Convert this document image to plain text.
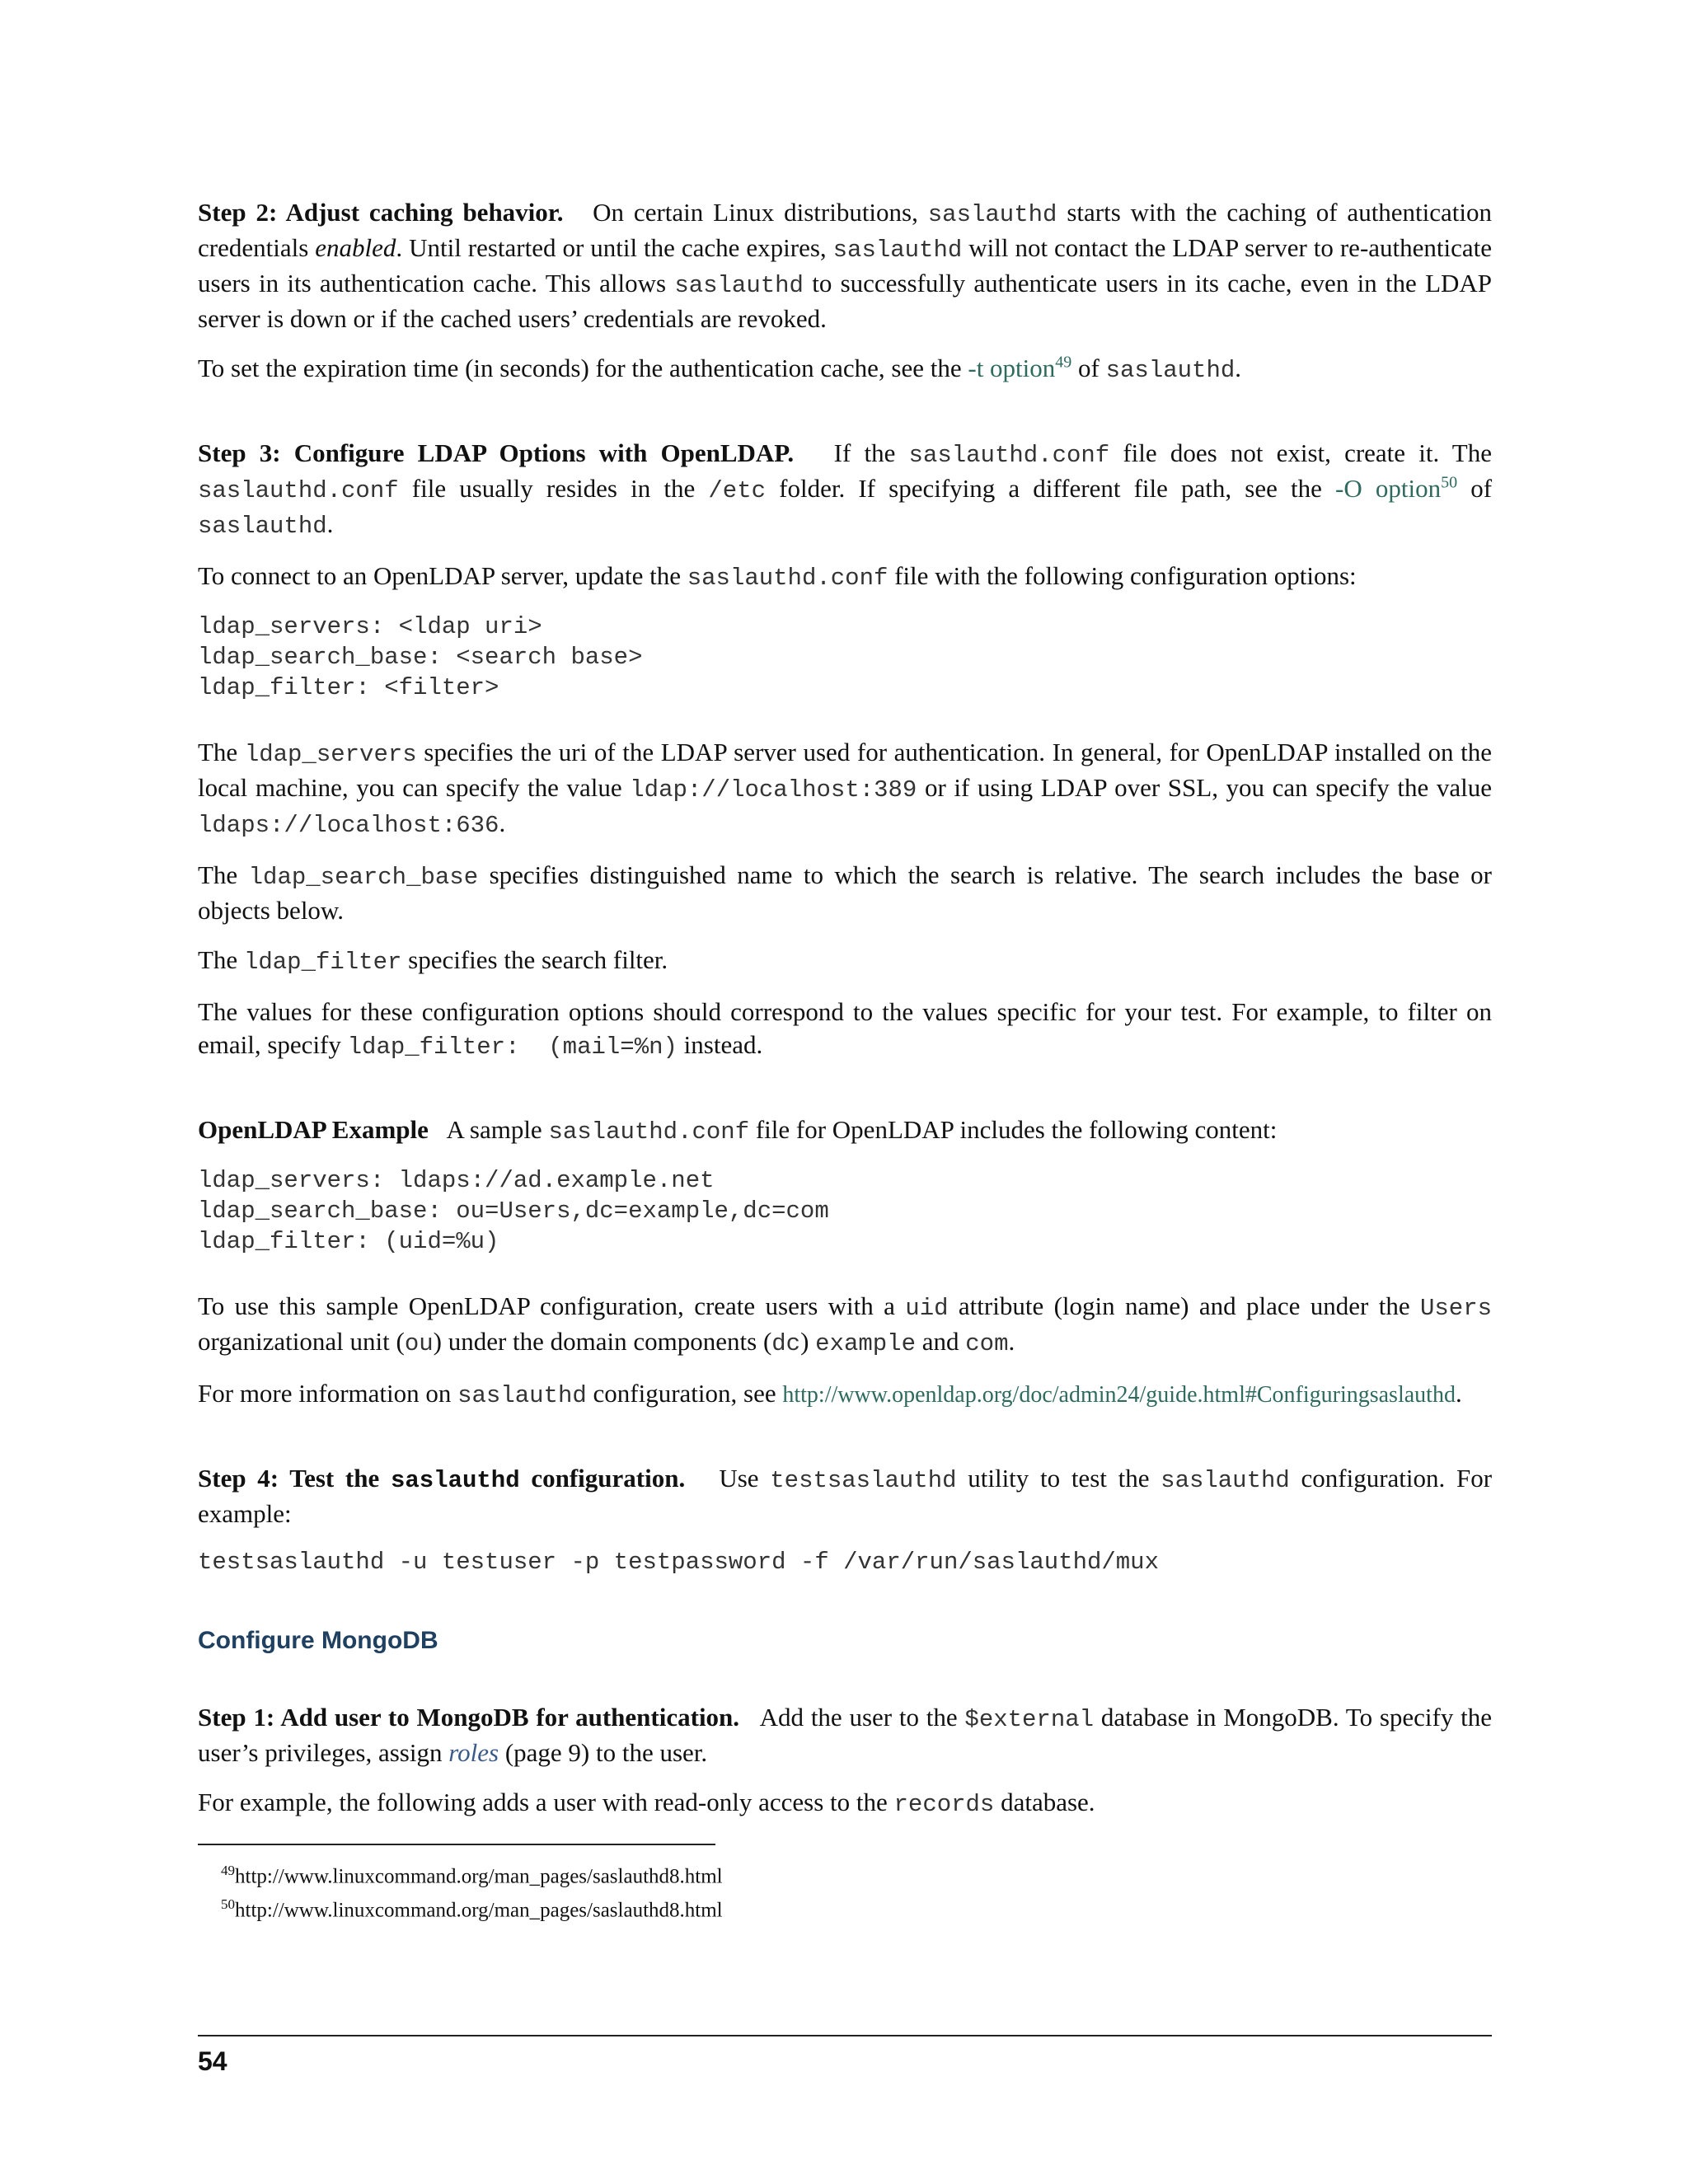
Step 2: Adjust caching behavior. On certain Linux distributions, saslauthd starts with the caching of authentication credentials enabled. Until restarted or until the cache expires, saslauthd will not contact the LDAP server to re-authenticate users in its authentication cache. This allows saslauthd to successfully authenticate users in its cache, even in the LDAP server is down or if the cached users’ credentials are revoked.

To set the expiration time (in seconds) for the authentication cache, see the -t option$^{49}$ of saslauthd.

Step 3: Configure LDAP Options with OpenLDAP. If the saslauthd.conf file does not exist, create it. The saslauthd.conf file usually resides in the /etc folder. If specifying a different file path, see the -O option$^{50}$ of saslauthd.

To connect to an OpenLDAP server, update the saslauthd.conf file with the following configuration options:

ldap_servers: <ldap uri>
ldap_search_base: <search base>
ldap_filter: <filter>

The ldap_servers specifies the uri of the LDAP server used for authentication. In general, for OpenLDAP installed on the local machine, you can specify the value ldap://localhost:389 or if using LDAP over SSL, you can specify the value ldaps://localhost:636.

The ldap_search_base specifies distinguished name to which the search is relative. The search includes the base or objects below.

The ldap_filter specifies the search filter.

The values for these configuration options should correspond to the values specific for your test. For example, to filter on email, specify ldap_filter:  (mail=%n) instead.

OpenLDAP Example A sample saslauthd.conf file for OpenLDAP includes the following content:

ldap_servers: ldaps://ad.example.net
ldap_search_base: ou=Users,dc=example,dc=com
ldap_filter: (uid=%u)

To use this sample OpenLDAP configuration, create users with a uid attribute (login name) and place under the Users organizational unit (ou) under the domain components (dc) example and com.

For more information on saslauthd configuration, see http://www.openldap.org/doc/admin24/guide.html#Configuringsaslauthd.

Step 4: Test the saslauthd configuration. Use testsaslauthd utility to test the saslauthd configuration. For example:

testsaslauthd -u testuser -p testpassword -f /var/run/saslauthd/mux
Configure MongoDB

Step 1: Add user to MongoDB for authentication. Add the user to the $external database in MongoDB. To specify the user’s privileges, assign roles (page 9) to the user.

For example, the following adds a user with read-only access to the records database.

$^{49}$http://www.linuxcommand.org/man_pages/saslauthd8.html
$^{50}$http://www.linuxcommand.org/man_pages/saslauthd8.html
54
